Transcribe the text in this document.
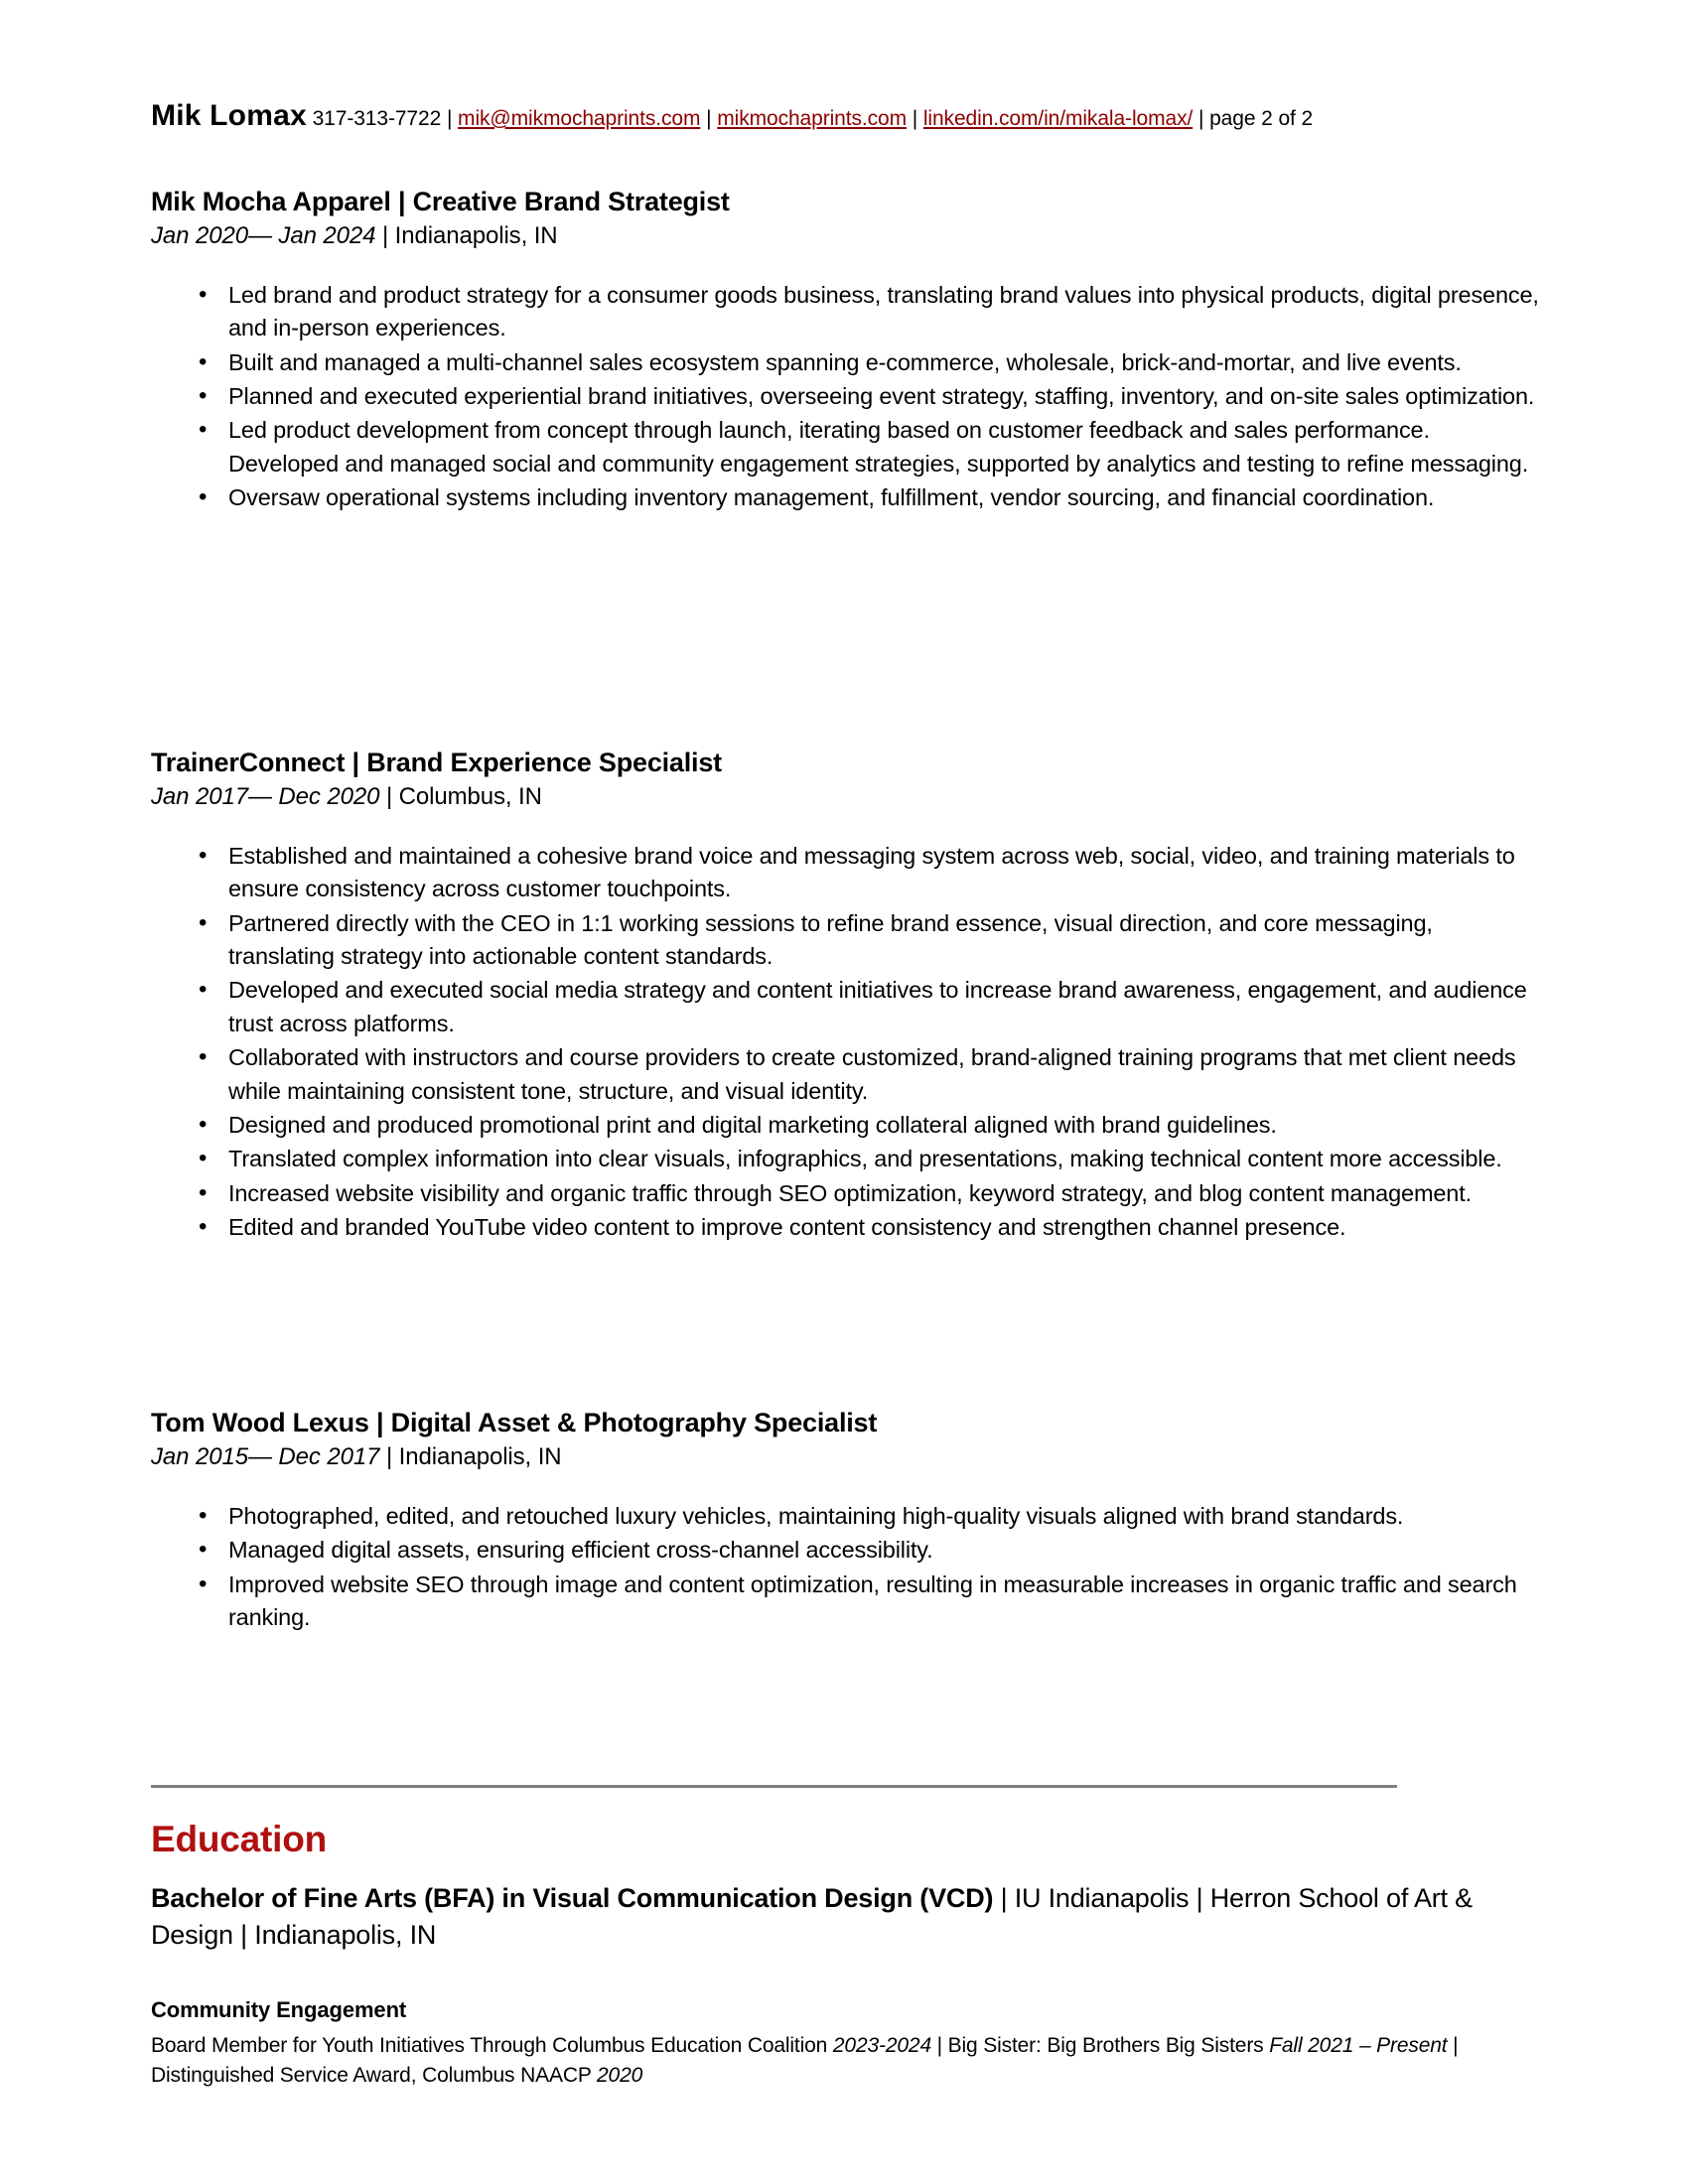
Mik Lomax 317-313-7722 | mik@mikmochaprints.com | mikmochaprints.com | linkedin.com/in/mikala-lomax/ | page 2 of 2
Mik Mocha Apparel | Creative Brand Strategist
Jan 2020— Jan 2024 | Indianapolis, IN
• Led brand and product strategy for a consumer goods business, translating brand values into physical products, digital presence, and in-person experiences.
• Built and managed a multi-channel sales ecosystem spanning e-commerce, wholesale, brick-and-mortar, and live events.
• Planned and executed experiential brand initiatives, overseeing event strategy, staffing, inventory, and on-site sales optimization.
• Led product development from concept through launch, iterating based on customer feedback and sales performance.
Developed and managed social and community engagement strategies, supported by analytics and testing to refine messaging.
• Oversaw operational systems including inventory management, fulfillment, vendor sourcing, and financial coordination.
TrainerConnect | Brand Experience Specialist
Jan 2017— Dec 2020 | Columbus, IN
• Established and maintained a cohesive brand voice and messaging system across web, social, video, and training materials to ensure consistency across customer touchpoints.
• Partnered directly with the CEO in 1:1 working sessions to refine brand essence, visual direction, and core messaging, translating strategy into actionable content standards.
• Developed and executed social media strategy and content initiatives to increase brand awareness, engagement, and audience trust across platforms.
• Collaborated with instructors and course providers to create customized, brand-aligned training programs that met client needs while maintaining consistent tone, structure, and visual identity.
• Designed and produced promotional print and digital marketing collateral aligned with brand guidelines.
• Translated complex information into clear visuals, infographics, and presentations, making technical content more accessible.
• Increased website visibility and organic traffic through SEO optimization, keyword strategy, and blog content management.
• Edited and branded YouTube video content to improve content consistency and strengthen channel presence.
Tom Wood Lexus | Digital Asset & Photography Specialist
Jan 2015— Dec 2017 | Indianapolis, IN
• Photographed, edited, and retouched luxury vehicles, maintaining high-quality visuals aligned with brand standards.
• Managed digital assets, ensuring efficient cross-channel accessibility.
• Improved website SEO through image and content optimization, resulting in measurable increases in organic traffic and search ranking.
Education
Bachelor of Fine Arts (BFA) in Visual Communication Design (VCD) | IU Indianapolis | Herron School of Art & Design | Indianapolis, IN
Community Engagement
Board Member for Youth Initiatives Through Columbus Education Coalition 2023-2024 | Big Sister: Big Brothers Big Sisters Fall 2021 – Present | Distinguished Service Award, Columbus NAACP 2020
